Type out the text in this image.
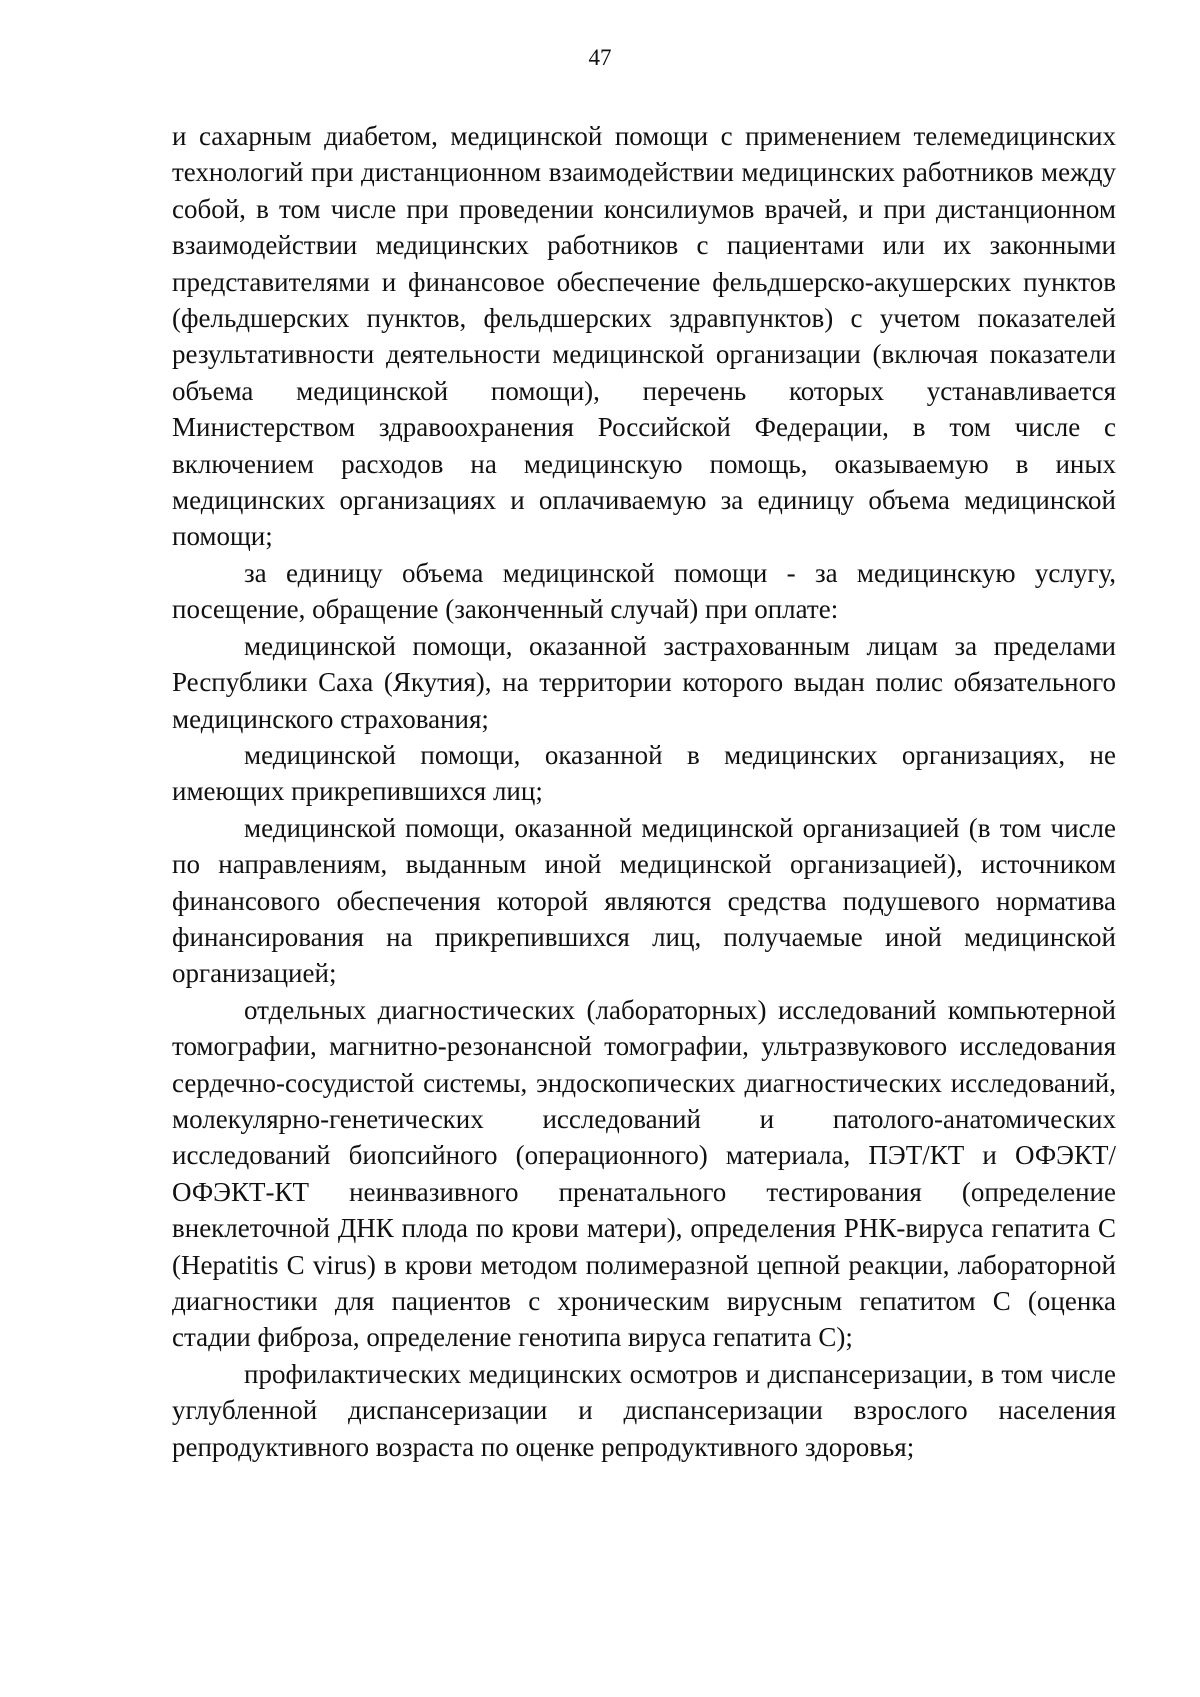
47

и сахарным диабетом, медицинской помощи с применением телемедицинских технологий при дистанционном взаимодействии медицинских работников между собой, в том числе при проведении консилиумов врачей, и при дистанционном взаимодействии медицинских работников с пациентами или их законными представителями и финансовое обеспечение фельдшерско-акушерских пунктов (фельдшерских пунктов, фельдшерских здравпунктов) с учетом показателей результативности деятельности медицинской организации (включая показатели объема медицинской помощи), перечень которых устанавливается Министерством здравоохранения Российской Федерации, в том числе с включением расходов на медицинскую помощь, оказываемую в иных медицинских организациях и оплачиваемую за единицу объема медицинской помощи;

за единицу объема медицинской помощи - за медицинскую услугу, посещение, обращение (законченный случай) при оплате:

медицинской помощи, оказанной застрахованным лицам за пределами Республики Саха (Якутия), на территории которого выдан полис обязательного медицинского страхования;

медицинской помощи, оказанной в медицинских организациях, не имеющих прикрепившихся лиц;

медицинской помощи, оказанной медицинской организацией (в том числе по направлениям, выданным иной медицинской организацией), источником финансового обеспечения которой являются средства подушевого норматива финансирования на прикрепившихся лиц, получаемые иной медицинской организацией;

отдельных диагностических (лабораторных) исследований компьютерной томографии, магнитно-резонансной томографии, ультразвукового исследования сердечно-сосудистой системы, эндоскопических диагностических исследований, молекулярно-генетических исследований и патолого-анатомических исследований биопсийного (операционного) материала, ПЭТ/КТ и ОФЭКТ/ОФЭКТ-КТ неинвазивного пренатального тестирования (определение внеклеточной ДНК плода по крови матери), определения РНК-вируса гепатита С (Hepatitis C virus) в крови методом полимеразной цепной реакции, лабораторной диагностики для пациентов с хроническим вирусным гепатитом С (оценка стадии фиброза, определение генотипа вируса гепатита С);

профилактических медицинских осмотров и диспансеризации, в том числе углубленной диспансеризации и диспансеризации взрослого населения репродуктивного возраста по оценке репродуктивного здоровья;
